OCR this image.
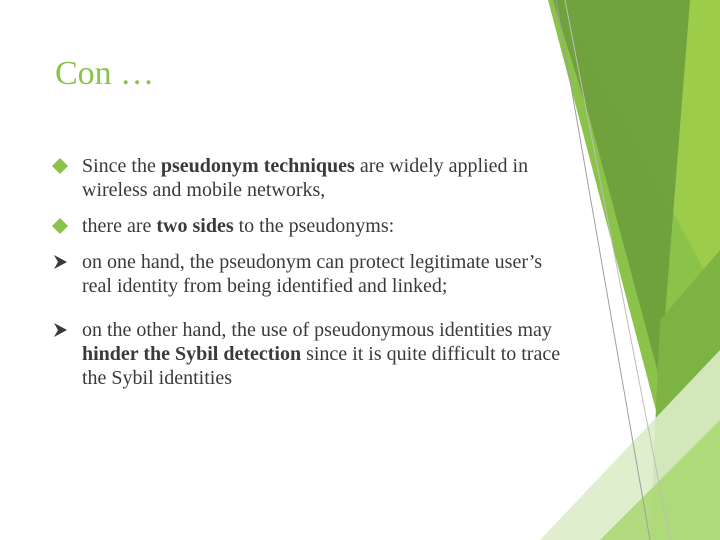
Con …
Since the pseudonym techniques are widely applied in wireless and mobile networks,
there are two sides to the pseudonyms:
on one hand, the pseudonym can protect legitimate user’s real identity from being identified and linked;
on the other hand, the use of pseudonymous identities may hinder the Sybil detection since it is quite difficult to trace the Sybil identities
